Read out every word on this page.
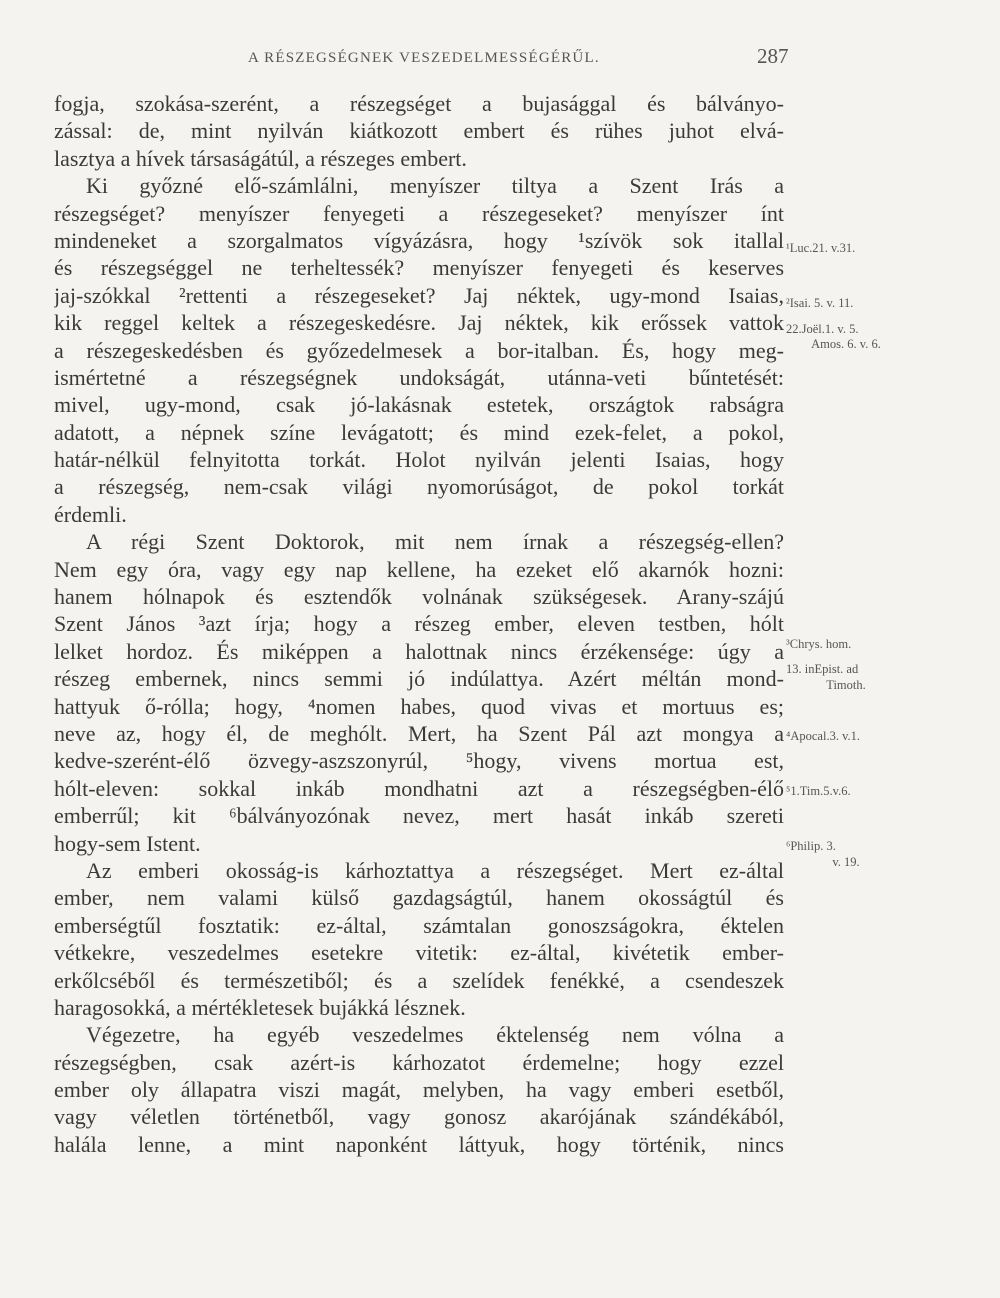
A RÉSZEGSÉGNEK VESZEDELMESSÉGÉRŰL.	287
fogja, szokása-szerént, a részegséget a bujasággal és bálványo-
zással: de, mint nyilván kiátkozott embert és rühes juhot elvá-
lasztya a hívek társaságátúl, a részeges embert.
Ki győzné elő-számlálni, menyíszer tiltya a Szent Irás a
részegséget? menyíszer fenyegeti a részegeseket? menyíszer ínt
mindeneket a szorgalmatos vígyázásra, hogy ¹szívök sok itallal
és részegséggel ne terheltessék? menyíszer fenyegeti és keserves
jaj-szókkal ²rettenti a részegeseket? Jaj néktek, ugy-mond Isaias,
kik reggel keltek a részegeskedésre. Jaj néktek, kik erőssek vattok
a részegeskedésben és győzedelmesek a bor-italban. És, hogy meg-
ismértetné a részegségnek undokságát, utánna-veti bűntetését:
mivel, ugy-mond, csak jó-lakásnak estetek, országtok rabságra
adatott, a népnek színe levágatott; és mind ezek-felet, a pokol,
határ-nélkül felnyitotta torkát. Holot nyilván jelenti Isaias, hogy
a részegség, nem-csak világi nyomorúságot, de pokol torkát
érdemli.
A régi Szent Doktorok, mit nem írnak a részegség-ellen?
Nem egy óra, vagy egy nap kellene, ha ezeket elő akarnók hozni:
hanem hólnapok és esztendők volnának szükségesek. Arany-szájú
Szent János ³azt írja; hogy a részeg ember, eleven testben, hólt
lelket hordoz. És miképpen a halottnak nincs érzékensége: úgy a
részeg embernek, nincs semmi jó indúlattya. Azért méltán mond-
hattyuk ő-rólla; hogy, ⁴nomen habes, quod vivas et mortuus es;
neve az, hogy él, de meghólt. Mert, ha Szent Pál azt mongya a
kedve-szerént-élő özvegy-aszszonyrúl, ⁵hogy, vivens mortua est,
hólt-eleven: sokkal inkáb mondhatni azt a részegségben-élő
emberrűl; kit ⁶bálványozónak nevez, mert hasát inkáb szereti
hogy-sem Istent.
Az emberi okosság-is kárhoztattya a részegséget. Mert ez-által
ember, nem valami külső gazdagságtúl, hanem okosságtúl és
emberségtűl fosztatik: ez-által, számtalan gonoszságokra, éktelen
vétkekre, veszedelmes esetekre vitetik: ez-által, kivétetik ember-
erkőlcséből és természetiből; és a szelídek fenékké, a csendeszek
haragosokká, a mértékletesek bujákká lésznek.
Végezetre, ha egyéb veszedelmes éktelenség nem vólna a
részegségben, csak azért-is kárhozatot érdemelne; hogy ezzel
ember oly állapatra viszi magát, melyben, ha vagy emberi esetből,
vagy véletlen történetből, vagy gonosz akarójának szándékából,
halála lenne, a mint naponként láttyuk, hogy történik, nincs
¹Luc.21. v.31.
²Isai. 5. v. 11.
22.Joël.1. v. 5.
Amos. 6. v. 6.
³Chrys. hom.
13. inEpist. ad
Timoth.
⁴Apocal.3. v.1.
⁵1.Tim.5.v.6.
⁶Philip. 3.
v. 19.
